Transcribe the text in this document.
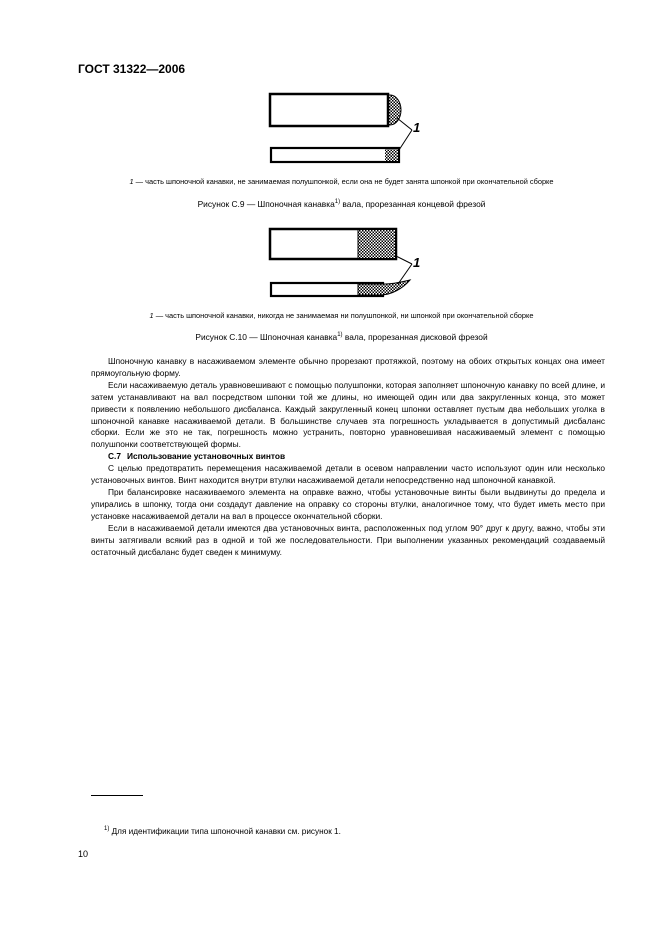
ГОСТ 31322—2006
1
1 — часть шпоночной канавки, не занимаемая полушпонкой, если она не будет занята шпонкой при окончательной сборке
Рисунок С.9 — Шпоночная канавка$^{1)}$ вала, прорезанная концевой фрезой
1
1 — часть шпоночной канавки, никогда не занимаемая ни полушпонкой, ни шпонкой при окончательной сборке
Рисунок С.10 — Шпоночная канавка$^{1)}$ вала, прорезанная дисковой фрезой

Шпоночную канавку в насаживаемом элементе обычно прорезают протяжкой, поэтому на обоих открытых концах она имеет прямоугольную форму.

Если насаживаемую деталь уравновешивают с помощью полушпонки, которая заполняет шпоночную канавку по всей длине, и затем устанавливают на вал посредством шпонки той же длины, но имеющей один или два закругленных конца, это может привести к появлению небольшого дисбаланса. Каждый закругленный конец шпонки оставляет пустым два небольших уголка в шпоночной канавке насаживаемой детали. В большинстве случаев эта погрешность укладывается в допустимый дисбаланс сборки. Если же это не так, погрешность можно устранить, повторно уравновешивая насаживаемый элемент с помощью полушпонки соответствующей формы.

С.7 Использование установочных винтов

С целью предотвратить перемещения насаживаемой детали в осевом направлении часто используют один или несколько установочных винтов. Винт находится внутри втулки насаживаемой детали непосредственно над шпоночной канавкой.

При балансировке насаживаемого элемента на оправке важно, чтобы установочные винты были выдвинуты до предела и упирались в шпонку, тогда они создадут давление на оправку со стороны втулки, аналогичное тому, что будет иметь место при установке насаживаемой детали на вал в процессе окончательной сборки.

Если в насаживаемой детали имеются два установочных винта, расположенных под углом 90° друг к другу, важно, чтобы эти винты затягивали всякий раз в одной и той же последовательности. При выполнении указанных рекомендаций создаваемый остаточный дисбаланс будет сведен к минимуму.

$^{1)}$ Для идентификации типа шпоночной канавки см. рисунок 1.
10
